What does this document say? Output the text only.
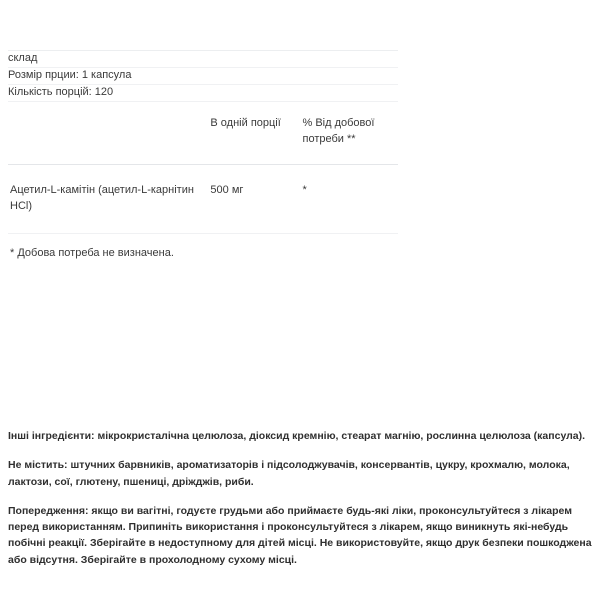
склад		
Розмір прции: 1 капсула		
Кількість порцій: 120		
	В одній порції	% Від добової потреби **
Ацетил-L-камітін (ацетил-L-карнітин HCl)	500 мг	*
* Добова потреба не визначена.		

Інші інгредієнти: мікрокристалічна целюлоза, діоксид кремнію, стеарат магнію, рослинна целюлоза (капсула).

Не містить: штучних барвників, ароматизаторів і підсолоджувачів, консервантів, цукру, крохмалю, молока, лактози, сої, глютену, пшениці, дріжджів, риби.

Попередження: якщо ви вагітні, годуєте грудьми або приймаєте будь-які ліки, проконсультуйтеся з лікарем перед використанням. Припиніть використання і проконсультуйтеся з лікарем, якщо виникнуть які-небудь побічні реакції. Зберігайте в недоступному для дітей місці. Не використовуйте, якщо друк безпеки пошкоджена або відсутня. Зберігайте в прохолодному сухому місці.
